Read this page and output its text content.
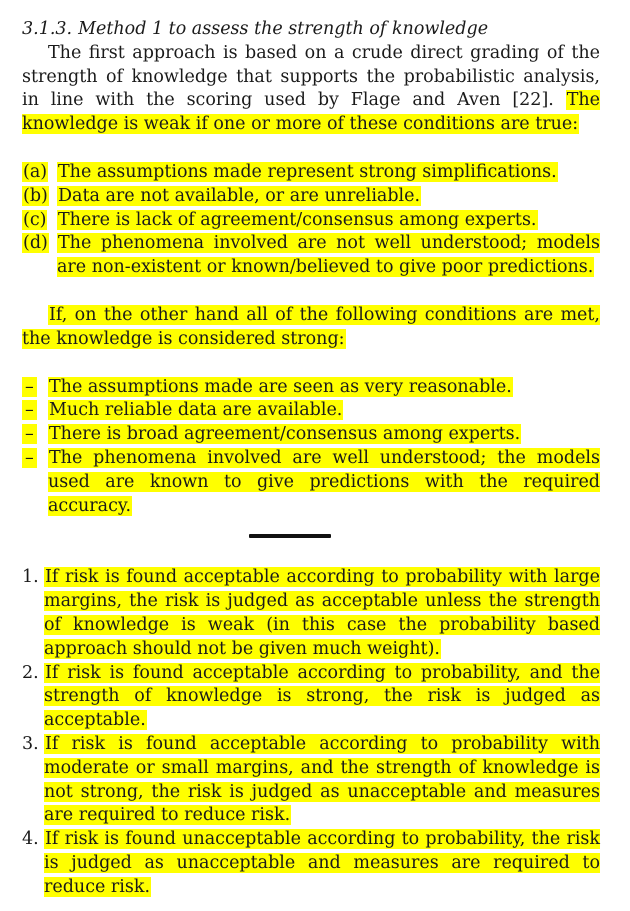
3.1.3. Method 1 to assess the strength of knowledge

The first approach is based on a crude direct grading of the strength of knowledge that supports the probabilistic analysis, in line with the scoring used by Flage and Aven [22]. The knowledge is weak if one or more of these conditions are true:

(a) The assumptions made represent strong simplifications.
(b) Data are not available, or are unreliable.
(c) There is lack of agreement/consensus among experts.
(d) The phenomena involved are not well understood; models are non-existent or known/believed to give poor predictions.

If, on the other hand all of the following conditions are met, the knowledge is considered strong:

– The assumptions made are seen as very reasonable.
– Much reliable data are available.
– There is broad agreement/consensus among experts.
– The phenomena involved are well understood; the models used are known to give predictions with the required accuracy.
1. If risk is found acceptable according to probability with large margins, the risk is judged as acceptable unless the strength of knowledge is weak (in this case the probability based approach should not be given much weight).
2. If risk is found acceptable according to probability, and the strength of knowledge is strong, the risk is judged as acceptable.
3. If risk is found acceptable according to probability with moderate or small margins, and the strength of knowledge is not strong, the risk is judged as unacceptable and measures are required to reduce risk.
4. If risk is found unacceptable according to probability, the risk is judged as unacceptable and measures are required to reduce risk.
